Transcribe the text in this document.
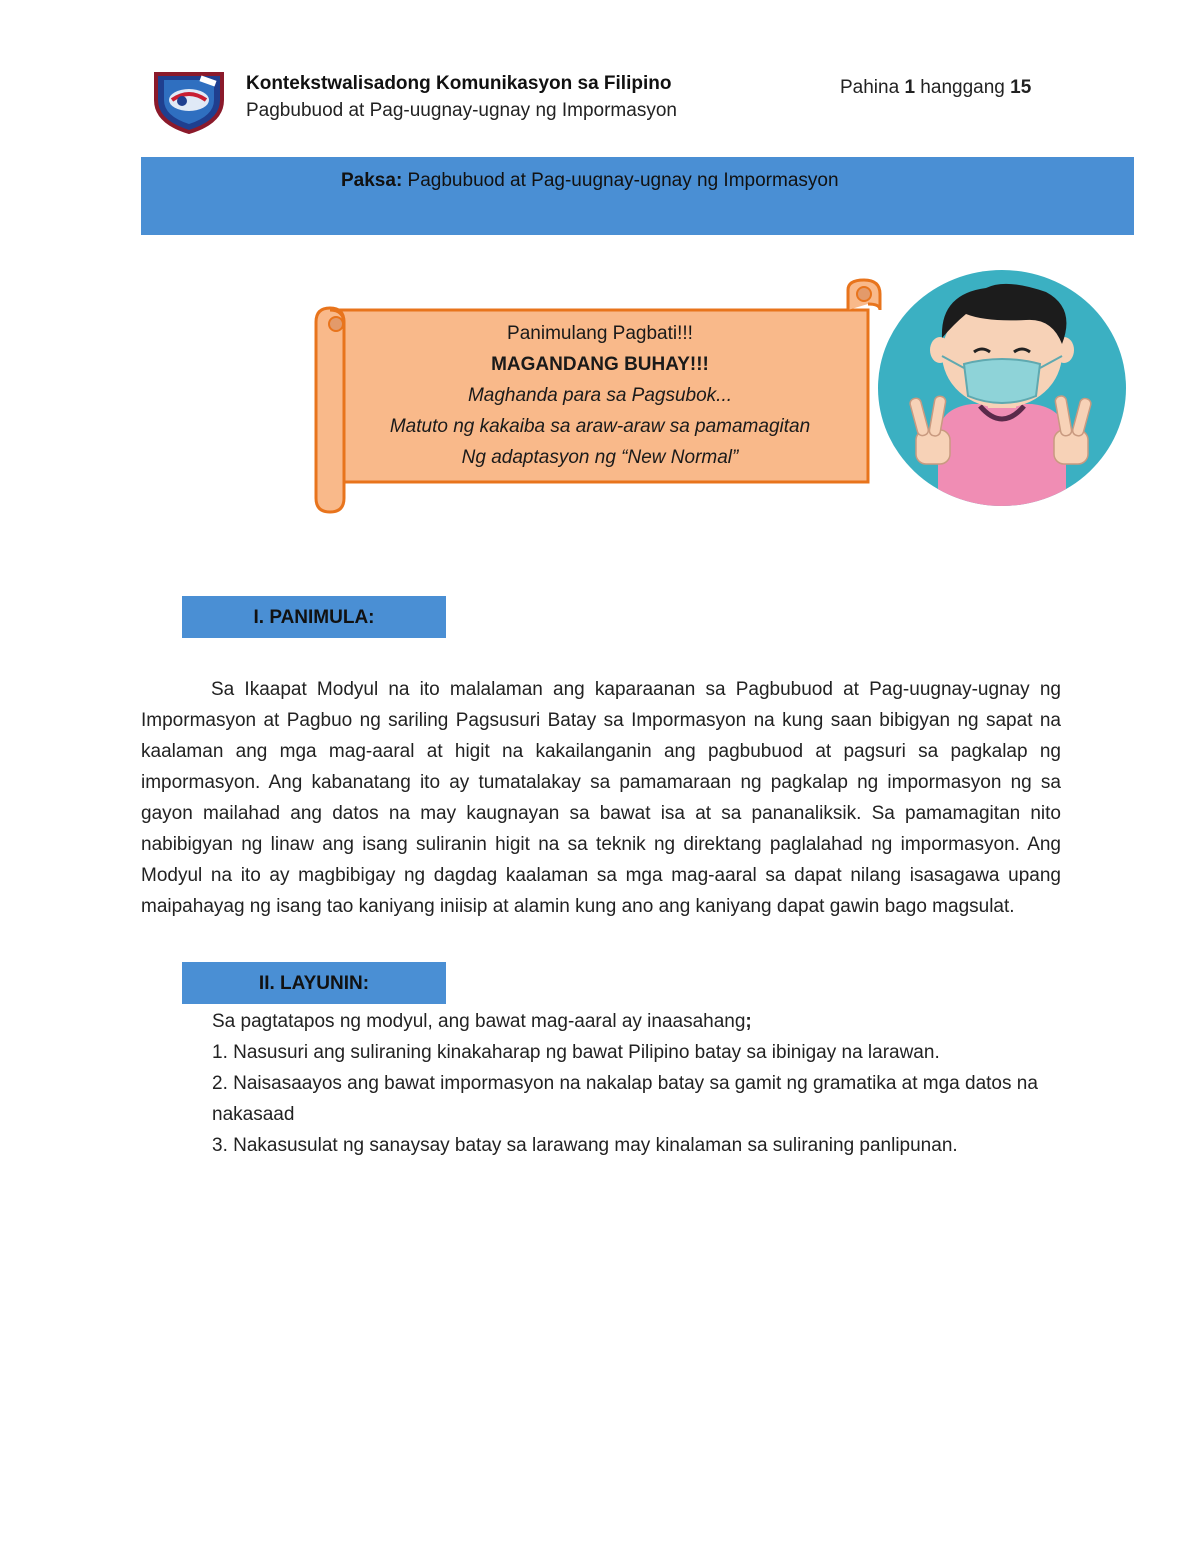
Kontekstwalisadong Komunikasyon sa Filipino
Pagbubuod at Pag-uugnay-ugnay ng Impormasyon
Pahina 1 hanggang 15
Paksa: Pagbubuod at Pag-uugnay-ugnay ng Impormasyon
Panimulang Pagbati!!!
MAGANDANG BUHAY!!!
Maghanda para sa Pagsubok...
Matuto ng kakaiba sa araw-araw sa pamamagitan
Ng adaptasyon ng “New Normal”
I. PANIMULA:
Sa Ikaapat Modyul na ito malalaman ang kaparaanan sa Pagbubuod at Pag-uugnay-ugnay ng Impormasyon at Pagbuo ng sariling Pagsusuri Batay sa Impormasyon na kung saan bibigyan ng sapat na kaalaman ang mga mag-aaral at higit na kakailanganin ang pagbubuod at pagsuri sa pagkalap ng impormasyon. Ang kabanatang ito ay tumatalakay sa pamamaraan ng pagkalap ng impormasyon ng sa gayon mailahad ang datos na may kaugnayan sa bawat isa at sa pananaliksik. Sa pamamagitan nito nabibigyan ng linaw ang isang suliranin higit na sa teknik ng direktang paglalahad ng impormasyon. Ang Modyul na ito ay magbibigay ng dagdag kaalaman sa mga mag-aaral sa dapat nilang isasagawa upang maipahayag ng isang tao kaniyang iniisip at alamin kung ano ang kaniyang dapat gawin bago magsulat.
II. LAYUNIN:
Sa pagtatapos ng modyul, ang bawat mag-aaral ay inaasahang;
1. Nasusuri ang suliraning kinakaharap ng bawat Pilipino batay sa ibinigay na larawan.
2. Naisasaayos ang bawat impormasyon na nakalap batay sa gamit ng gramatika at mga datos na nakasaad
3. Nakasusulat ng sanaysay batay sa larawang may kinalaman sa suliraning panlipunan.
